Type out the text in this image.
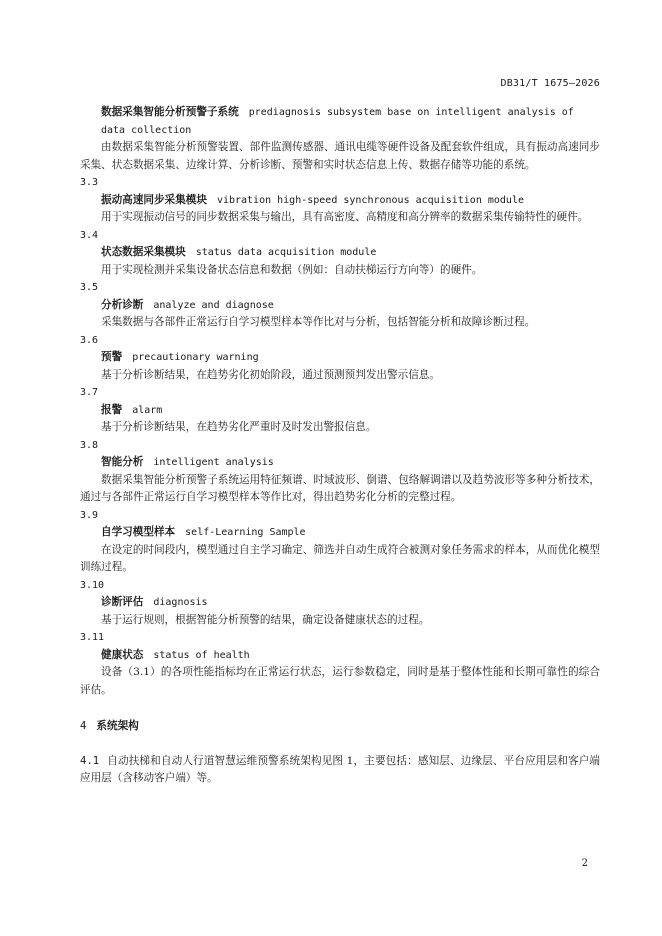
DB31/T 1675—2026
数据采集智能分析预警子系统 prediagnosis subsystem base on intelligent analysis of data collection
由数据采集智能分析预警装置、部件监测传感器、通讯电缆等硬件设备及配套软件组成，具有振动高速同步采集、状态数据采集、边缘计算、分析诊断、预警和实时状态信息上传、数据存储等功能的系统。
3.3
振动高速同步采集模块 vibration high-speed synchronous acquisition module
用于实现振动信号的同步数据采集与输出，具有高密度、高精度和高分辨率的数据采集传输特性的硬件。
3.4
状态数据采集模块 status data acquisition module
用于实现检测并采集设备状态信息和数据（例如：自动扶梯运行方向等）的硬件。
3.5
分析诊断 analyze and diagnose
采集数据与各部件正常运行自学习模型样本等作比对与分析，包括智能分析和故障诊断过程。
3.6
预警 precautionary warning
基于分析诊断结果，在趋势劣化初始阶段，通过预测预判发出警示信息。
3.7
报警 alarm
基于分析诊断结果，在趋势劣化严重时及时发出警报信息。
3.8
智能分析 intelligent analysis
数据采集智能分析预警子系统运用特征频谱、时域波形、倒谱、包络解调谱以及趋势波形等多种分析技术，通过与各部件正常运行自学习模型样本等作比对，得出趋势劣化分析的完整过程。
3.9
自学习模型样本 self-Learning Sample
在设定的时间段内，模型通过自主学习确定、筛选并自动生成符合被测对象任务需求的样本，从而优化模型训练过程。
3.10
诊断评估 diagnosis
基于运行规则，根据智能分析预警的结果，确定设备健康状态的过程。
3.11
健康状态 status of health
设备（3.1）的各项性能指标均在正常运行状态，运行参数稳定，同时是基于整体性能和长期可靠性的综合评估。
4 系统架构
4.1 自动扶梯和自动人行道智慧运维预警系统架构见图 1，主要包括：感知层、边缘层、平台应用层和客户端应用层（含移动客户端）等。
2
